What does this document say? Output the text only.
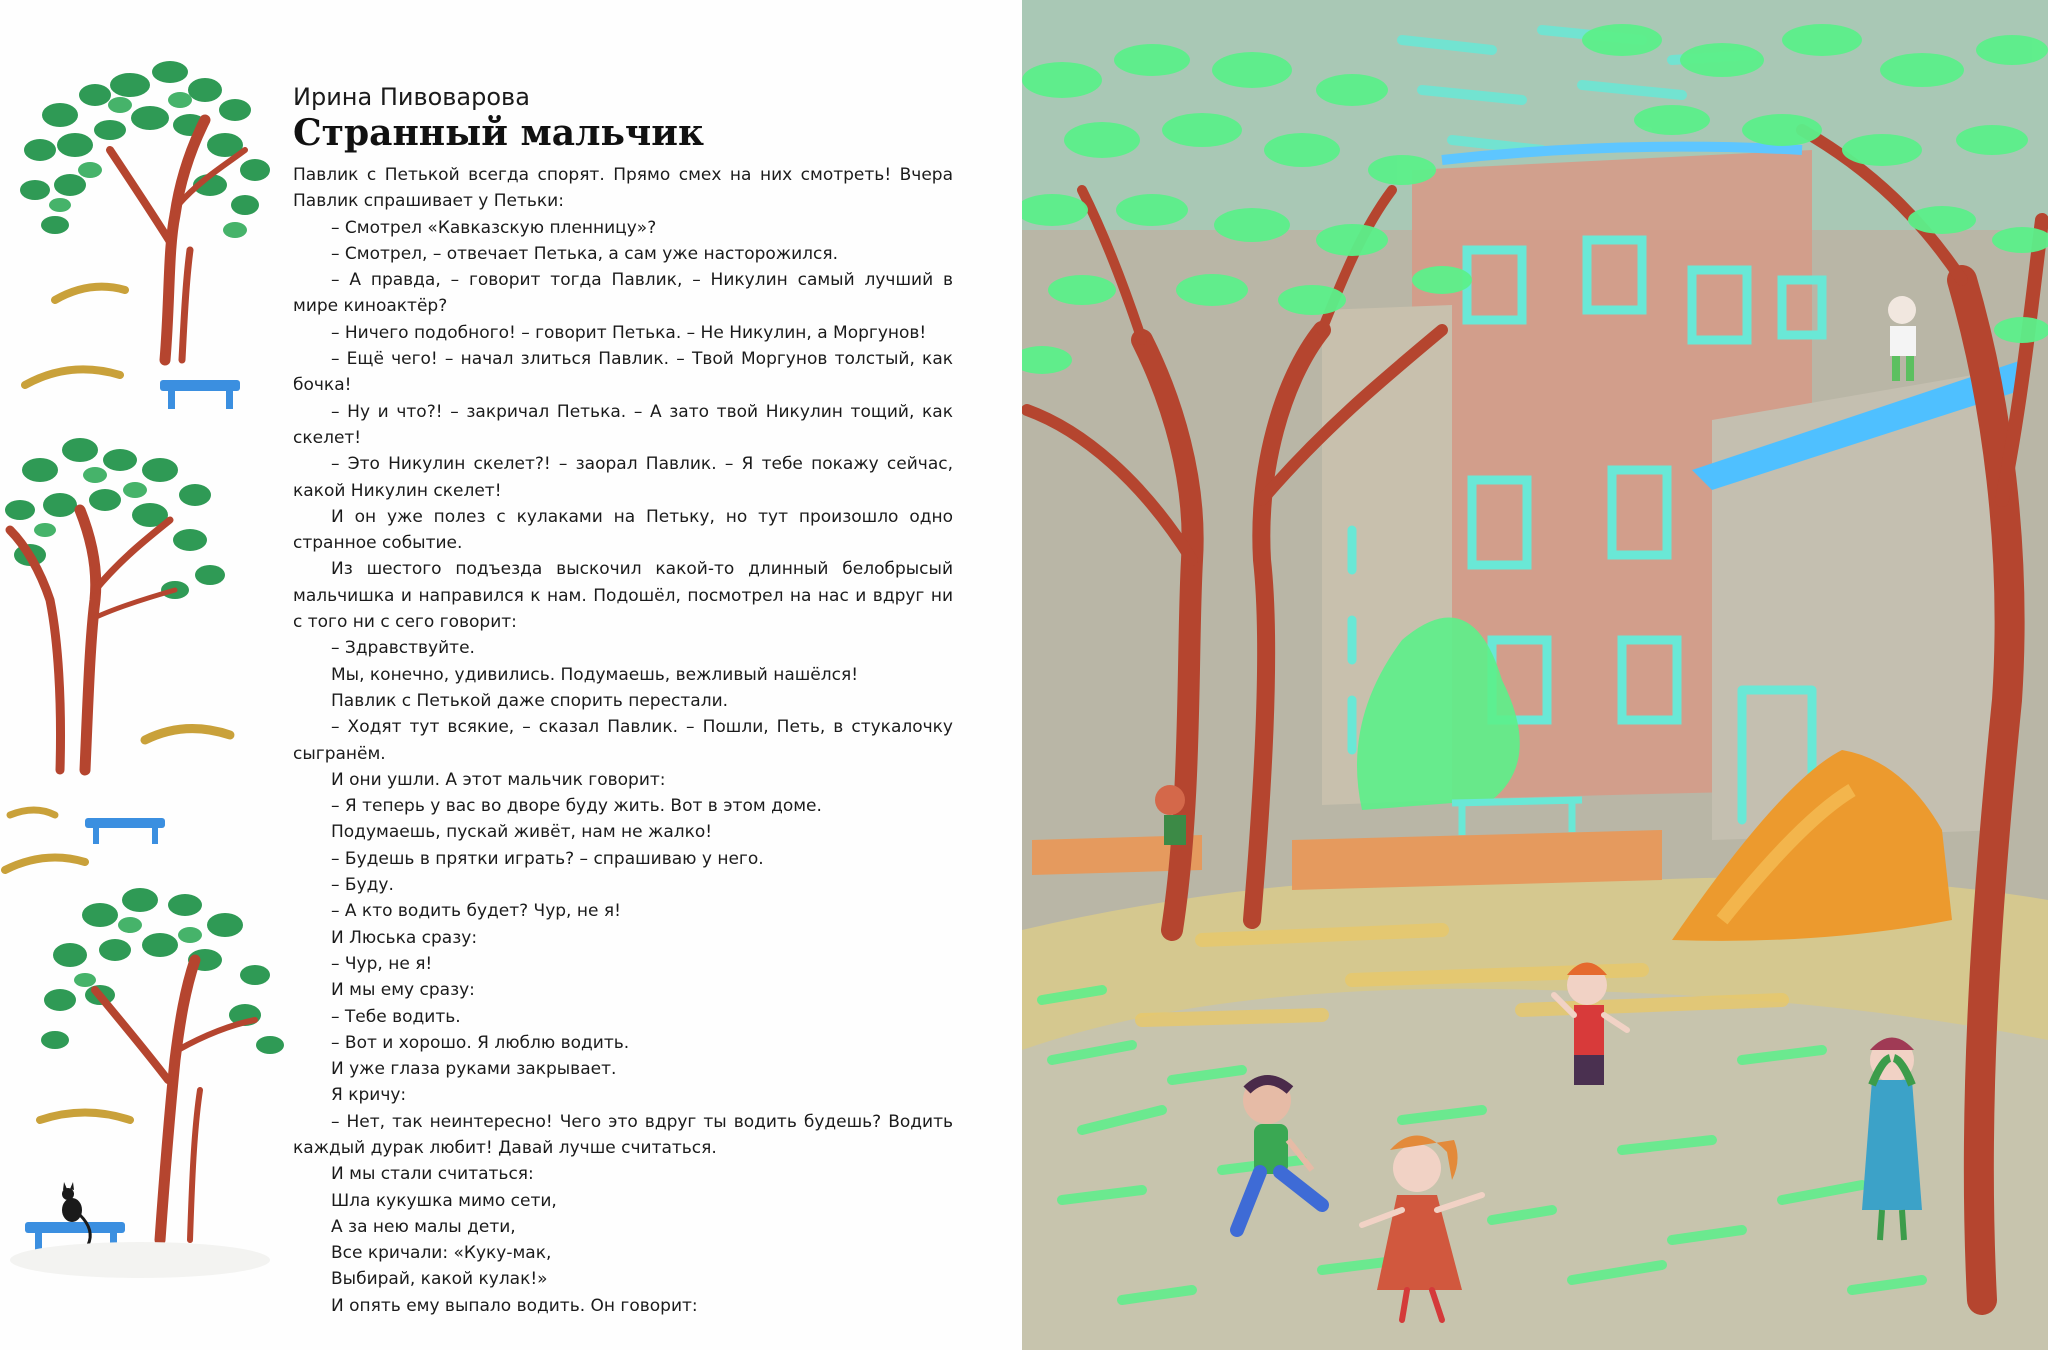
Ирина Пивоварова

Странный мальчик

Павлик с Петькой всегда спорят. Прямо смех на них смотреть! Вчера Павлик спрашивает у Петьки:

– Смотрел «Кавказскую пленницу»?

– Смотрел, – отвечает Петька, а сам уже насторожился.

– А правда, – говорит тогда Павлик, – Никулин самый лучший в мире киноактёр?

– Ничего подобного! – говорит Петька. – Не Никулин, а Моргунов!

– Ещё чего! – начал злиться Павлик. – Твой Моргунов толстый, как бочка!

– Ну и что?! – закричал Петька. – А зато твой Никулин тощий, как скелет!

– Это Никулин скелет?! – заорал Павлик. – Я тебе покажу сейчас, какой Никулин скелет!

И он уже полез с кулаками на Петьку, но тут произошло одно странное событие.

Из шестого подъезда выскочил какой-то длинный белобрысый мальчишка и направился к нам. Подошёл, посмотрел на нас и вдруг ни с того ни с сего говорит:

– Здравствуйте.

Мы, конечно, удивились. Подумаешь, вежливый нашёлся!

Павлик с Петькой даже спорить перестали.

– Ходят тут всякие, – сказал Павлик. – Пошли, Петь, в стукалочку сыгранём.

И они ушли. А этот мальчик говорит:

– Я теперь у вас во дворе буду жить. Вот в этом доме.

Подумаешь, пускай живёт, нам не жалко!

– Будешь в прятки играть? – спрашиваю у него.

– Буду.

– А кто водить будет? Чур, не я!

И Люська сразу:

– Чур, не я!

И мы ему сразу:

– Тебе водить.

– Вот и хорошо. Я люблю водить.

И уже глаза руками закрывает.

Я кричу:

– Нет, так неинтересно! Чего это вдруг ты водить будешь? Водить каждый дурак любит! Давай лучше считаться.

И мы стали считаться:

Шла кукушка мимо сети,

А за нею малы дети,

Все кричали: «Куку-мак,

Выбирай, какой кулак!»

И опять ему выпало водить. Он говорит:
